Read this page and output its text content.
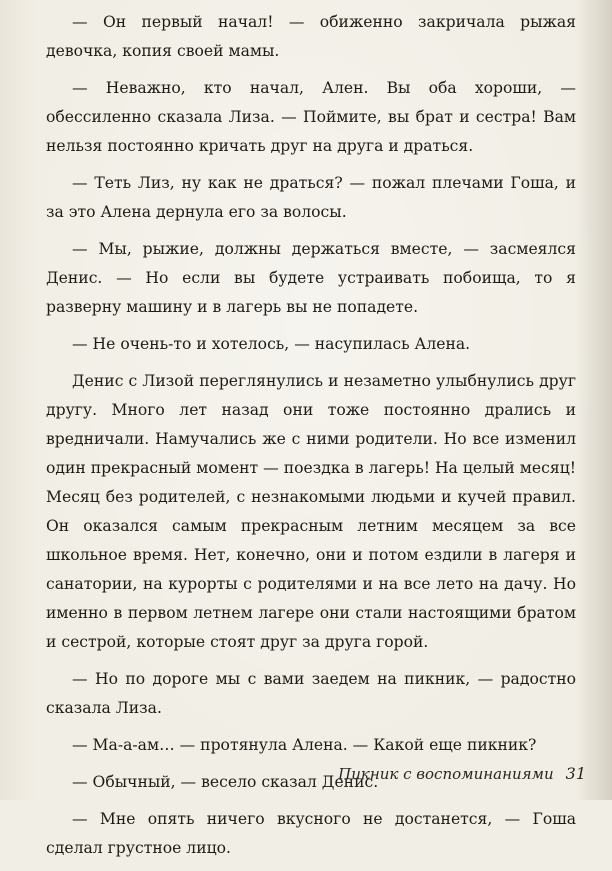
— Он первый начал! — обиженно закричала рыжая девочка, копия своей мамы.

— Неважно, кто начал, Ален. Вы оба хороши, — обессиленно сказала Лиза. — Поймите, вы брат и сестра! Вам нельзя постоянно кричать друг на друга и драться.

— Теть Лиз, ну как не драться? — пожал плечами Гоша, и за это Алена дернула его за волосы.

— Мы, рыжие, должны держаться вместе, — засмеялся Денис. — Но если вы будете устраивать побоища, то я разверну машину и в лагерь вы не попадете.

— Не очень-то и хотелось, — насупилась Алена.

Денис с Лизой переглянулись и незаметно улыбнулись друг другу. Много лет назад они тоже постоянно дрались и вредничали. Намучались же с ними родители. Но все изменил один прекрасный момент — поездка в лагерь! На целый месяц! Месяц без родителей, с незнакомыми людьми и кучей правил. Он оказался самым прекрасным летним месяцем за все школьное время. Нет, конечно, они и потом ездили в лагеря и санатории, на курорты с родителями и на все лето на дачу. Но именно в первом летнем лагере они стали настоящими братом и сестрой, которые стоят друг за друга горой.

— Но по дороге мы с вами заедем на пикник, — радостно сказала Лиза.

— Ма-а-ам… — протянула Алена. — Какой еще пикник?

— Обычный, — весело сказал Денис.

— Мне опять ничего вкусного не достанется, — Гоша сделал грустное лицо.

Пикник с воспоминаниями 31
